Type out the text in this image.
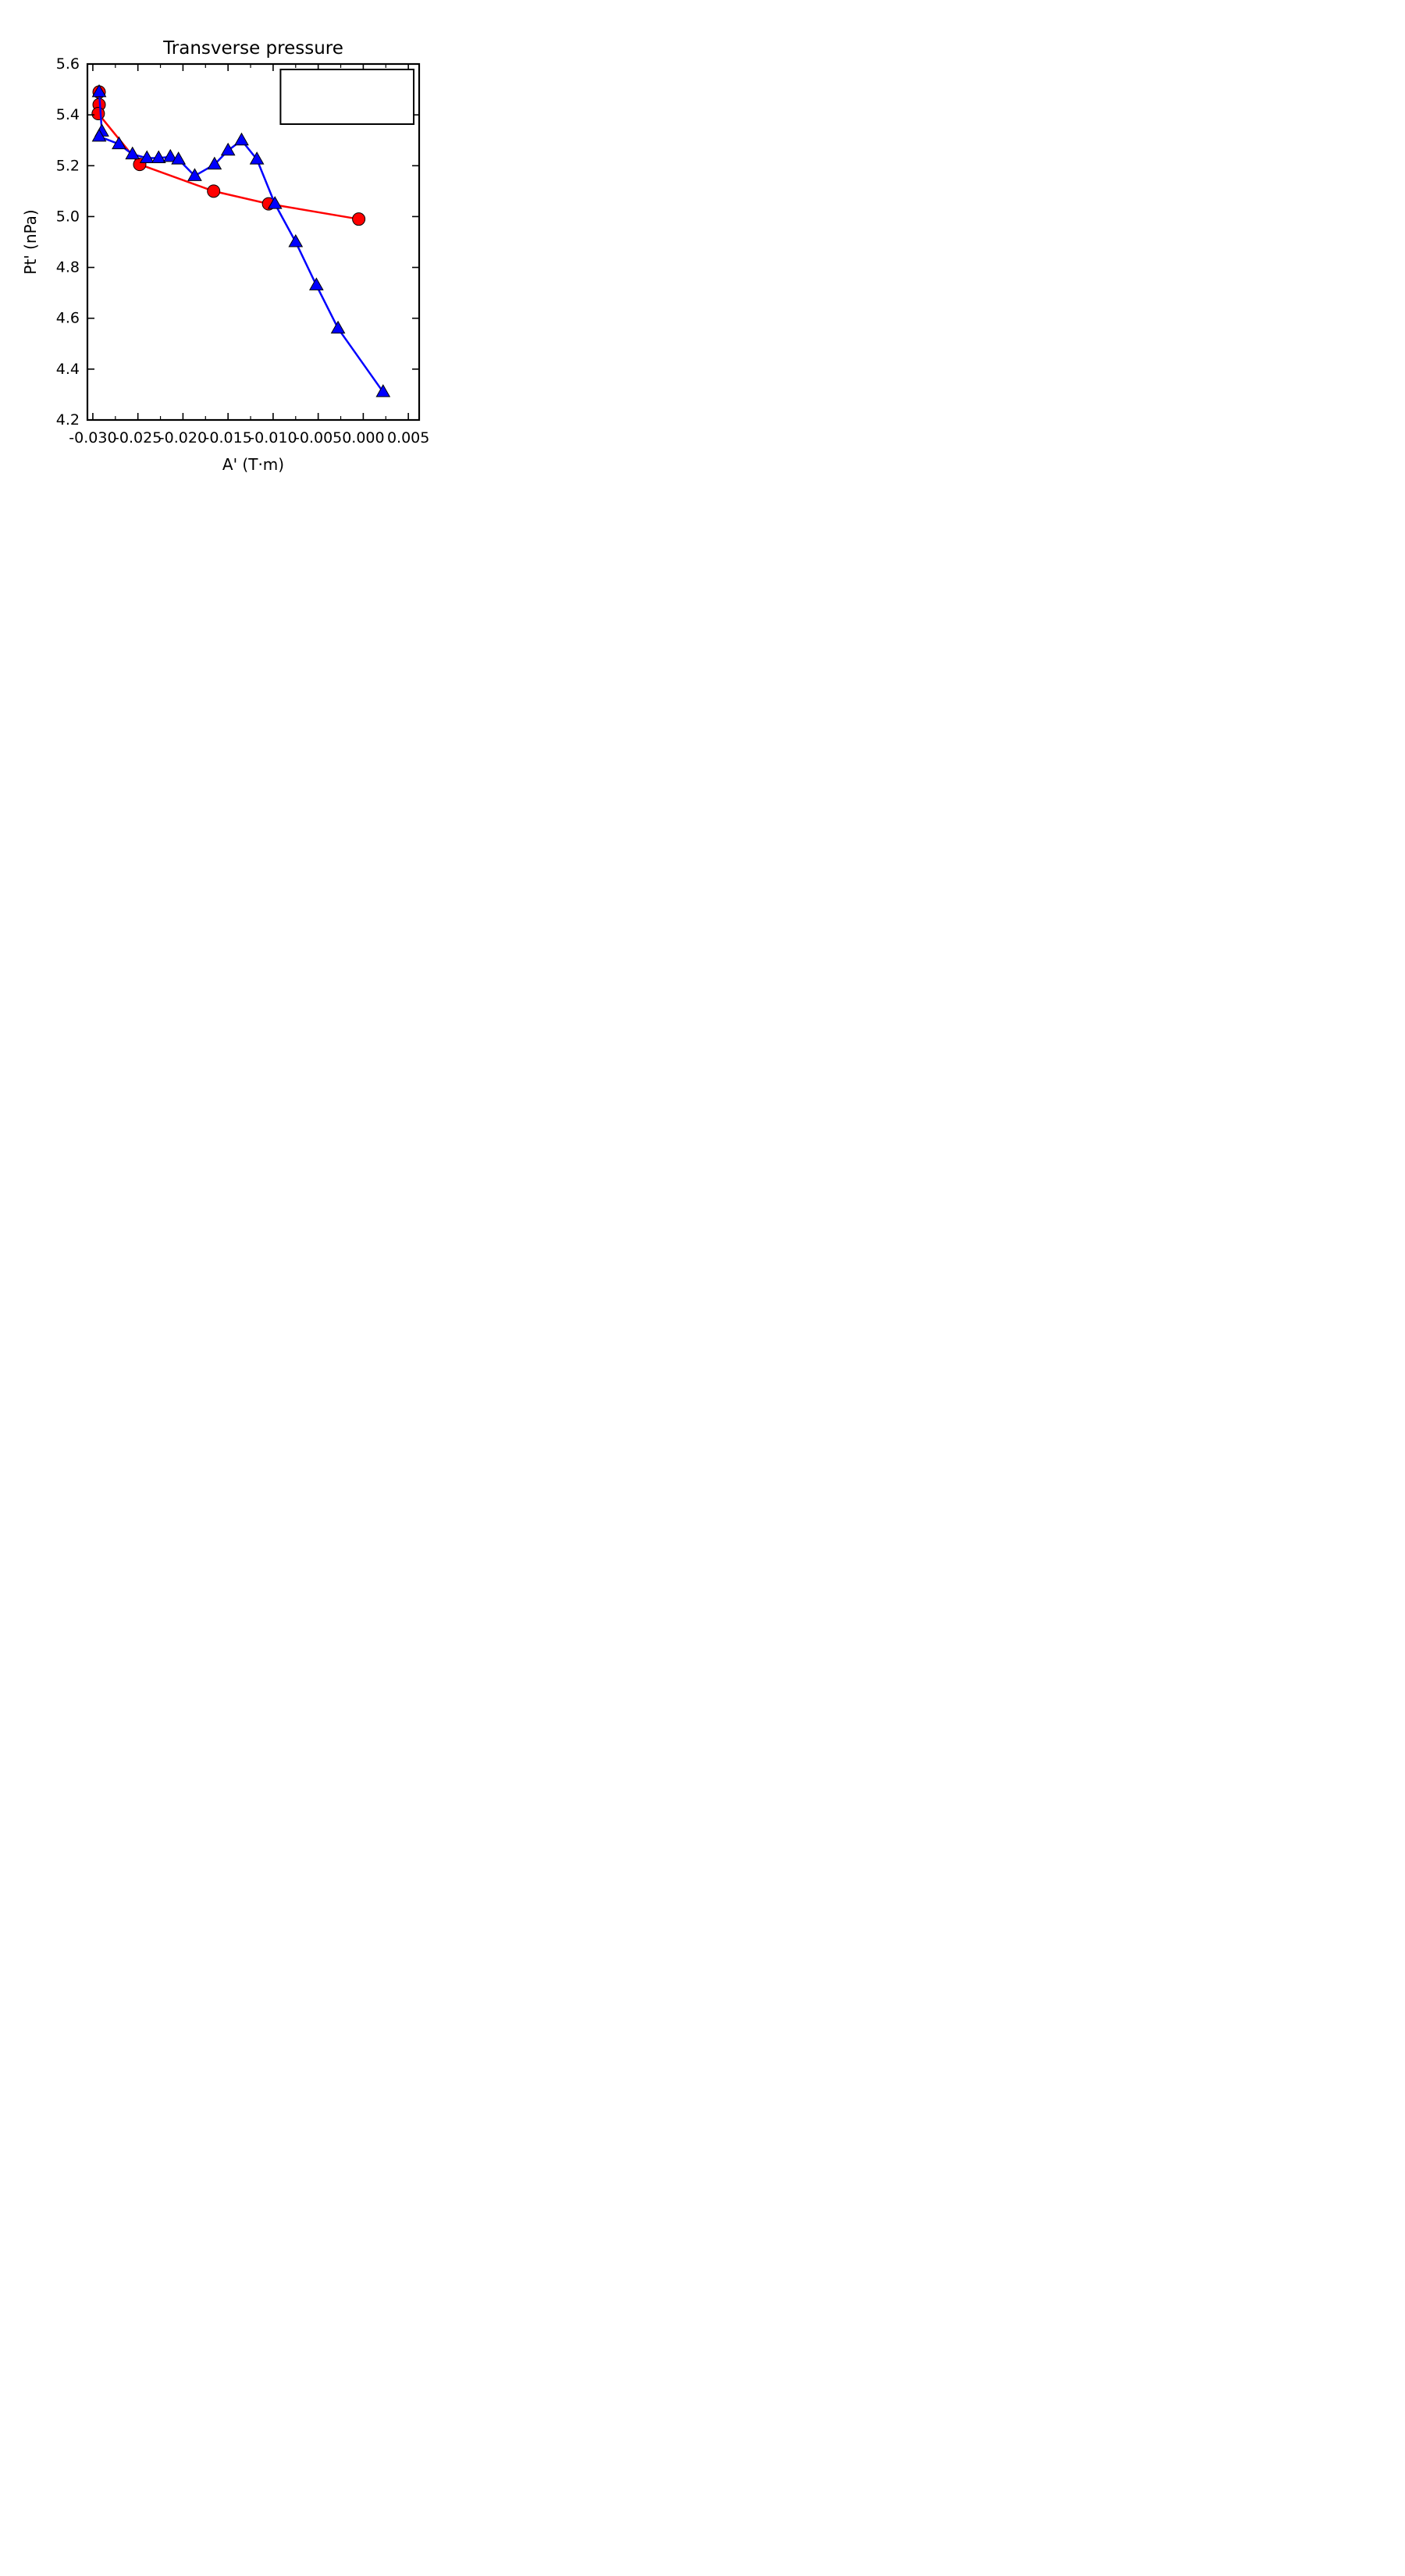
-0.030
-0.025
-0.020
-0.015
-0.010
-0.005 0.000 0.005
4.2
4.4
4.6
4.8
5.0
5.2
5.4
5.6
Transverse pressure
A' (T·m)
Pt' (nPa)
